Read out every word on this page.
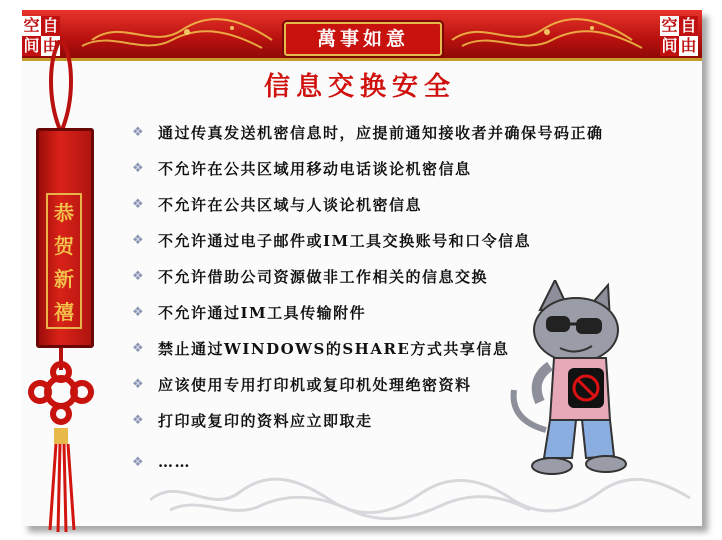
空 自
间 由
空 自
间 由
萬事如意
信息交换安全
恭
贺
新
禧
❖ 通过传真发送机密信息时，应提前通知接收者并确保号码正确
❖ 不允许在公共区域用移动电话谈论机密信息
❖ 不允许在公共区域与人谈论机密信息
❖ 不允许通过电子邮件或IM工具交换账号和口令信息
❖ 不允许借助公司资源做非工作相关的信息交换
❖ 不允许通过IM工具传输附件
❖ 禁止通过WINDOWS的SHARE方式共享信息
❖ 应该使用专用打印机或复印机处理绝密资料
❖ 打印或复印的资料应立即取走
❖ ……
